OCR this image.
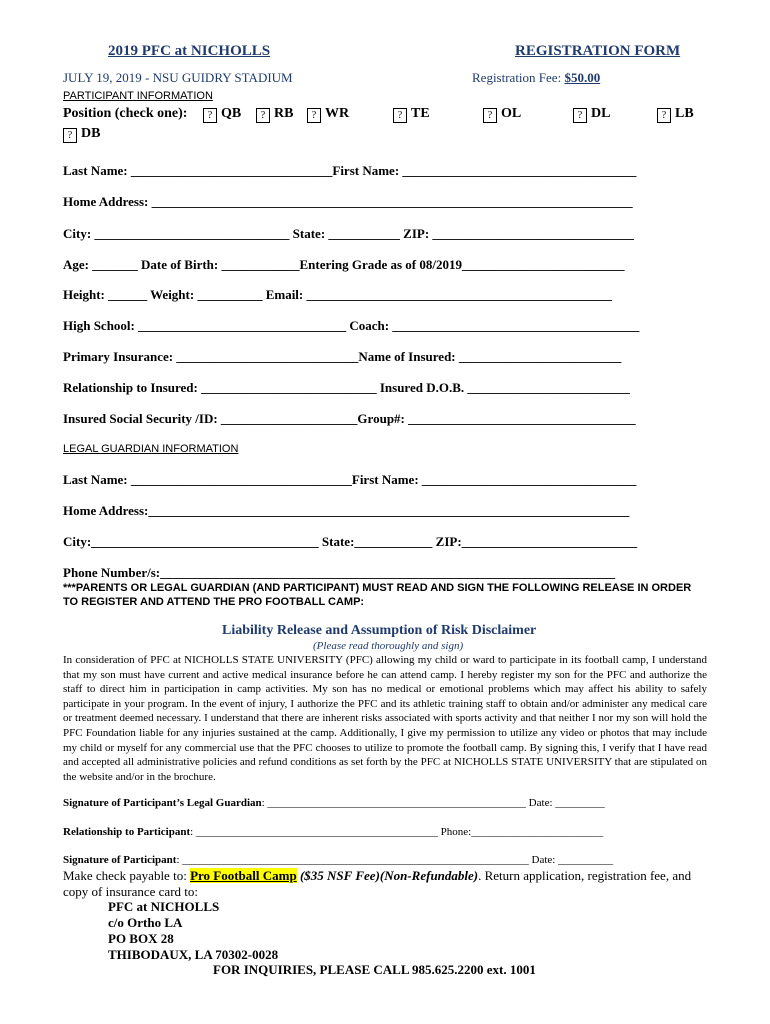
2019 PFC at NICHOLLS	REGISTRATION FORM
JULY 19, 2019 - NSU GUIDRY STADIUM	Registration Fee: $50.00
PARTICIPANT INFORMATION
Position (check one):	? QB	? RB	? WR	? TE	? OL	? DL	? LB
? DB
Last Name: _______________________________First Name: ____________________________________
Home Address: __________________________________________________________________________
City: ______________________________ State: ___________ ZIP: _______________________________
Age: _______ Date of Birth: ____________Entering Grade as of 08/2019_________________________
Height: ______ Weight: __________ Email: _______________________________________________
High School: ________________________________ Coach: ______________________________________
Primary Insurance: ____________________________Name of Insured: _________________________
Relationship to Insured: ___________________________ Insured D.O.B. _________________________
Insured Social Security /ID: _____________________Group#: ___________________________________
LEGAL GUARDIAN INFORMATION
Last Name: __________________________________First Name: _________________________________
Home Address:__________________________________________________________________________
City:___________________________________ State:____________ ZIP:___________________________
Phone Number/s:______________________________________________________________________
***PARENTS OR LEGAL GUARDIAN (AND PARTICIPANT) MUST READ AND SIGN THE FOLLOWING RELEASE IN ORDER TO REGISTER AND ATTEND THE PRO FOOTBALL CAMP:
Liability Release and Assumption of Risk Disclaimer
(Please read thoroughly and sign)
In consideration of PFC at NICHOLLS STATE UNIVERSITY (PFC) allowing my child or ward to participate in its football camp, I understand that my son must have current and active medical insurance before he can attend camp. I hereby register my son for the PFC and authorize the staff to direct him in participation in camp activities. My son has no medical or emotional problems which may affect his ability to safely participate in your program. In the event of injury, I authorize the PFC and its athletic training staff to obtain and/or administer any medical care or treatment deemed necessary. I understand that there are inherent risks associated with sports activity and that neither I nor my son will hold the PFC Foundation liable for any injuries sustained at the camp. Additionally, I give my permission to utilize any video or photos that may include my child or myself for any commercial use that the PFC chooses to utilize to promote the football camp. By signing this, I verify that I have read and accepted all administrative policies and refund conditions as set forth by the PFC at NICHOLLS STATE UNIVERSITY that are stipulated on the website and/or in the brochure.
Signature of Participant’s Legal Guardian: _______________________________________________ Date: _________
Relationship to Participant: ____________________________________________ Phone:________________________
Signature of Participant: _______________________________________________________________ Date: __________
Make check payable to: Pro Football Camp ($35 NSF Fee)(Non-Refundable). Return application, registration fee, and copy of insurance card to:
PFC at NICHOLLS
c/o Ortho LA
PO BOX 28
THIBODAUX, LA 70302-0028
FOR INQUIRIES, PLEASE CALL 985.625.2200 ext. 1001
